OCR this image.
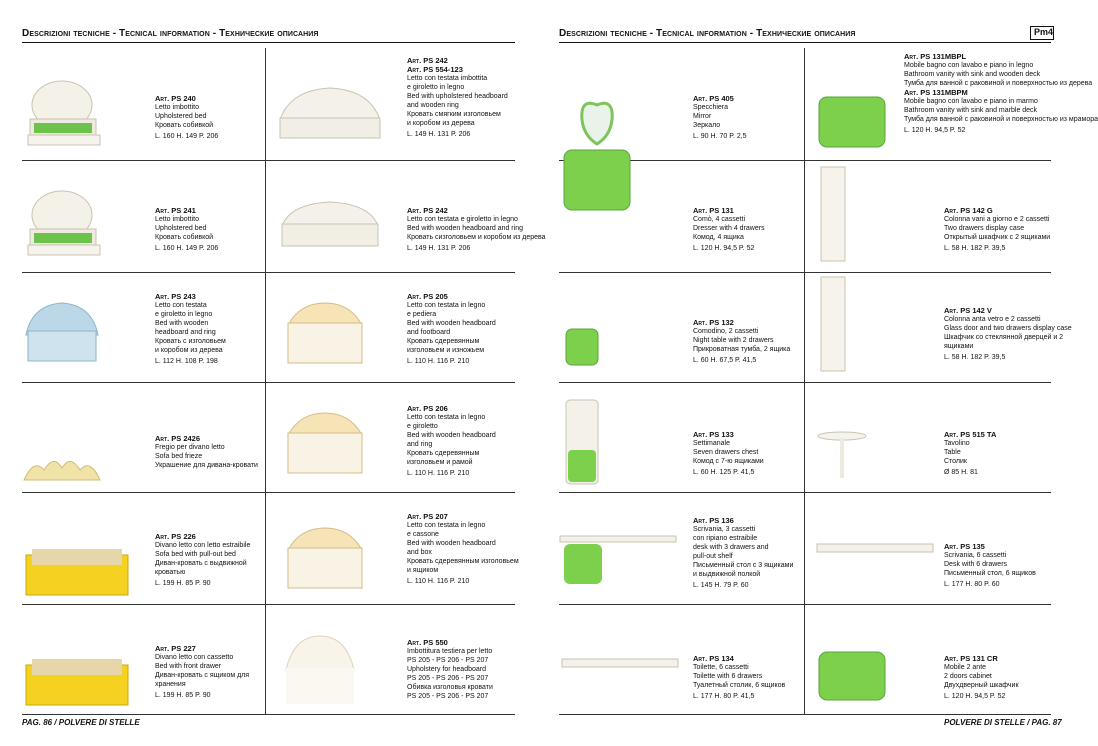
Descrizioni tecniche - Tecnical information - Технические описания	Descrizioni tecniche - Tecnical information - Технические описания	Pm4
Art. PS 240
Letto imbottito
Upholstered bed
Кровать собивкой
L. 160 H. 149 P. 206
Art. PS 242
Art. PS 554-123
Letto con testata imbottita
e giroletto in legno
Bed with upholstered headboard
and wooden ring
Кровать смягким изголовьем
и коробом из дерева
L. 149 H. 131 P. 206
Art. PS 241
Letto imbottito
Upholstered bed
Кровать собивкой
L. 160 H. 149 P. 206
Art. PS 242
Letto con testata e giroletto in legno
Bed with wooden headboard and ring
Кровать сизголовьем и коробом из дерева
L. 149 H. 131 P. 206
Art. PS 243
Letto con testata
e giroletto in legno
Bed with wooden
headboard and ring
Кровать с изголовьем
и коробом из дерева
L. 112 H. 108 P. 198
Art. PS 205
Letto con testata in legno
e pediera
Bed with wooden headboard
and footboard
Кровать сдеревянным
изголовьем и изножьем
L. 110 H. 116 P. 210
Art. PS 2426
Fregio per divano letto
Sofa bed frieze
Украшение для дивана-кровати
Art. PS 206
Letto con testata in legno
e giroletto
Bed with wooden headboard
and ring
Кровать сдеревянным
изголовьем и рамой
L. 110 H. 116 P. 210
Art. PS 226
Divano letto con letto estraibile
Sofa bed with pull-out bed
Диван-кровать с выдвижной
кроватью
L. 199 H. 85 P. 90
Art. PS 207
Letto con testata in legno
e cassone
Bed with wooden headboard
and box
Кровать сдеревянным изголовьем
и ящиком
L. 110 H. 116 P. 210
Art. PS 227
Divano letto con cassetto
Bed with front drawer
Диван-кровать с ящиком для
хранения
L. 199 H. 85 P. 90
Art. PS 550
Imbottitura testiera per letto
PS 205 - PS 206 - PS 207
Upholstery for headboard
PS 205 - PS 206 - PS 207
Обивка изголовья кровати
PS 205 - PS 206 - PS 207
Art. PS 405
Specchiera
Mirror
Зеркало
L. 90 H. 70 P. 2,5
Art. PS 131MBPL
Mobile bagno con lavabo e piano in legno
Bathroom vanity with sink and wooden deck
Тумба для ванной с раковиной и поверхностью из дерева
Art. PS 131MBPM
Mobile bagno con lavabo e piano in marmo
Bathroom vanity with sink and marble deck
Тумба для ванной с раковиной и поверхностью из мрамора
L. 120 H. 94,5 P. 52
Art. PS 131
Comò, 4 cassetti
Dresser with 4 drawers
Комод, 4 ящика
L. 120 H. 94,5 P. 52
Art. PS 142 G
Colonna vani a giorno e 2 cassetti
Two drawers display case
Открытый шкафчик с 2 ящиками
L. 58 H. 182 P. 39,5
Art. PS 132
Comodino, 2 cassetti
Night table with 2 drawers
Прикроватная тумба, 2 ящика
L. 60 H. 67,5 P. 41,5
Art. PS 142 V
Colonna anta vetro e 2 cassetti
Glass door and two drawers display case
Шкафчик со стеклянной дверцей и 2
ящиками
L. 58 H. 182 P. 39,5
Art. PS 133
Settimanale
Seven drawers chest
Комод с 7-ю ящиками
L. 60 H. 125 P. 41,5
Art. PS 515 TA
Tavolino
Table
Столик
Ø 85 H. 81
Art. PS 136
Scrivania, 3 cassetti
con ripiano estraibile
desk with 3 drawers and
pull-out shelf
Письменный стол с 3 ящиками
и выдвижной полкой
L. 145 H. 79 P. 60
Art. PS 135
Scrivania, 6 cassetti
Desk with 6 drawers
Письменный стол, 6 ящиков
L. 177 H. 80 P. 60
Art. PS 134
Toilette, 6 cassetti
Toilette with 6 drawers
Туалетный столик, 6 ящиков
L. 177 H. 80 P. 41,5
Art. PS 131 CR
Mobile 2 ante
2 doors cabinet
Двухдверный шкафчик
L. 120 H. 94,5 P. 52
PAG. 86 / POLVERE DI STELLE	POLVERE DI STELLE / PAG. 87
